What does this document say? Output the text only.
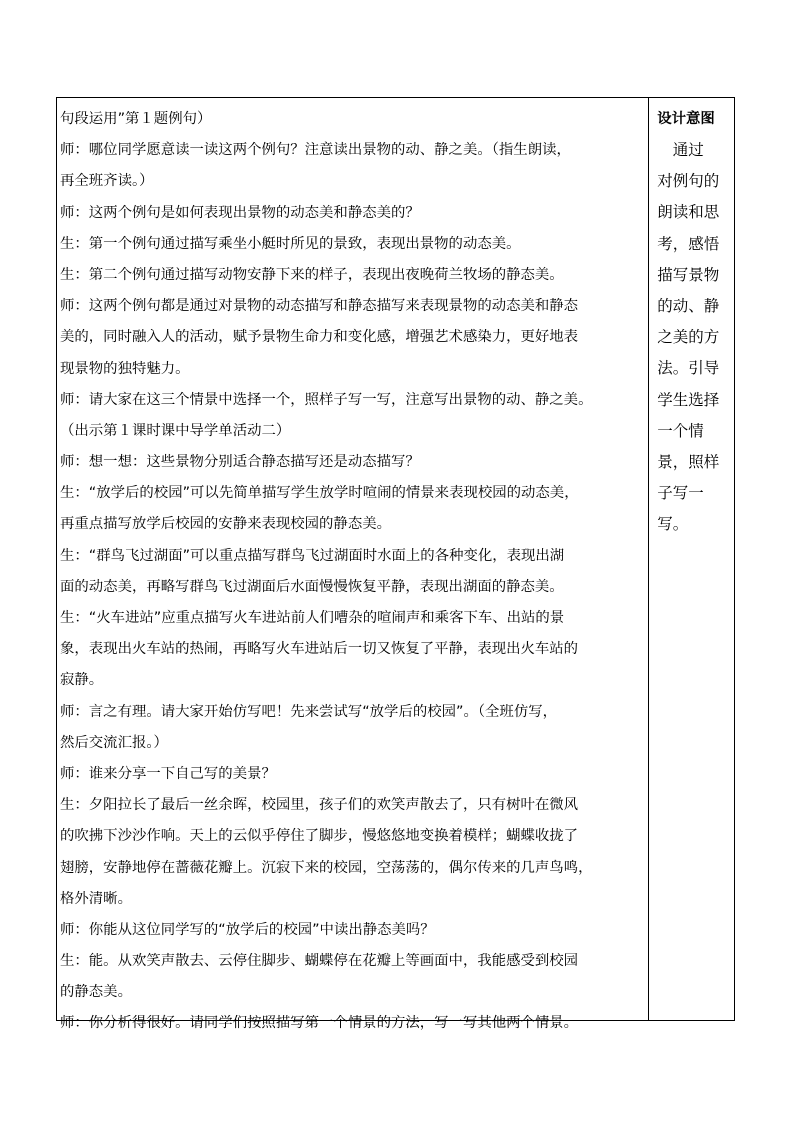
句段运用”第１题例句）
师：哪位同学愿意读一读这两个例句？注意读出景物的动、静之美。（指生朗读，
再全班齐读。）
师：这两个例句是如何表现出景物的动态美和静态美的？
生：第一个例句通过描写乘坐小艇时所见的景致，表现出景物的动态美。
生：第二个例句通过描写动物安静下来的样子，表现出夜晚荷兰牧场的静态美。
师：这两个例句都是通过对景物的动态描写和静态描写来表现景物的动态美和静态
美的，同时融入人的活动，赋予景物生命力和变化感，增强艺术感染力，更好地表
现景物的独特魅力。
师：请大家在这三个情景中选择一个，照样子写一写，注意写出景物的动、静之美。
（出示第１课时课中导学单活动二）
师：想一想：这些景物分别适合静态描写还是动态描写？
生：“放学后的校园”可以先简单描写学生放学时喧闹的情景来表现校园的动态美，
再重点描写放学后校园的安静来表现校园的静态美。
生：“群鸟飞过湖面”可以重点描写群鸟飞过湖面时水面上的各种变化，表现出湖
面的动态美，再略写群鸟飞过湖面后水面慢慢恢复平静，表现出湖面的静态美。
生：“火车进站”应重点描写火车进站前人们嘈杂的喧闹声和乘客下车、出站的景
象，表现出火车站的热闹，再略写火车进站后一切又恢复了平静，表现出火车站的
寂静。
师：言之有理。请大家开始仿写吧！先来尝试写“放学后的校园”。（全班仿写，
然后交流汇报。）
师：谁来分享一下自己写的美景？
生：夕阳拉长了最后一丝余晖，校园里，孩子们的欢笑声散去了，只有树叶在微风
的吹拂下沙沙作响。天上的云似乎停住了脚步，慢悠悠地变换着模样；蝴蝶收拢了
翅膀，安静地停在蔷薇花瓣上。沉寂下来的校园，空荡荡的，偶尔传来的几声鸟鸣，
格外清晰。
师：你能从这位同学写的“放学后的校园”中读出静态美吗？
生：能。从欢笑声散去、云停住脚步、蝴蝶停在花瓣上等画面中，我能感受到校园
的静态美。
师：你分析得很好。请同学们按照描写第一个情景的方法，写一写其他两个情景。
设计意图
　通过
对例句的
朗读和思
考，感悟
描写景物
的动、静
之美的方
法。引导
学生选择
一个情
景，照样
子写一
写。
